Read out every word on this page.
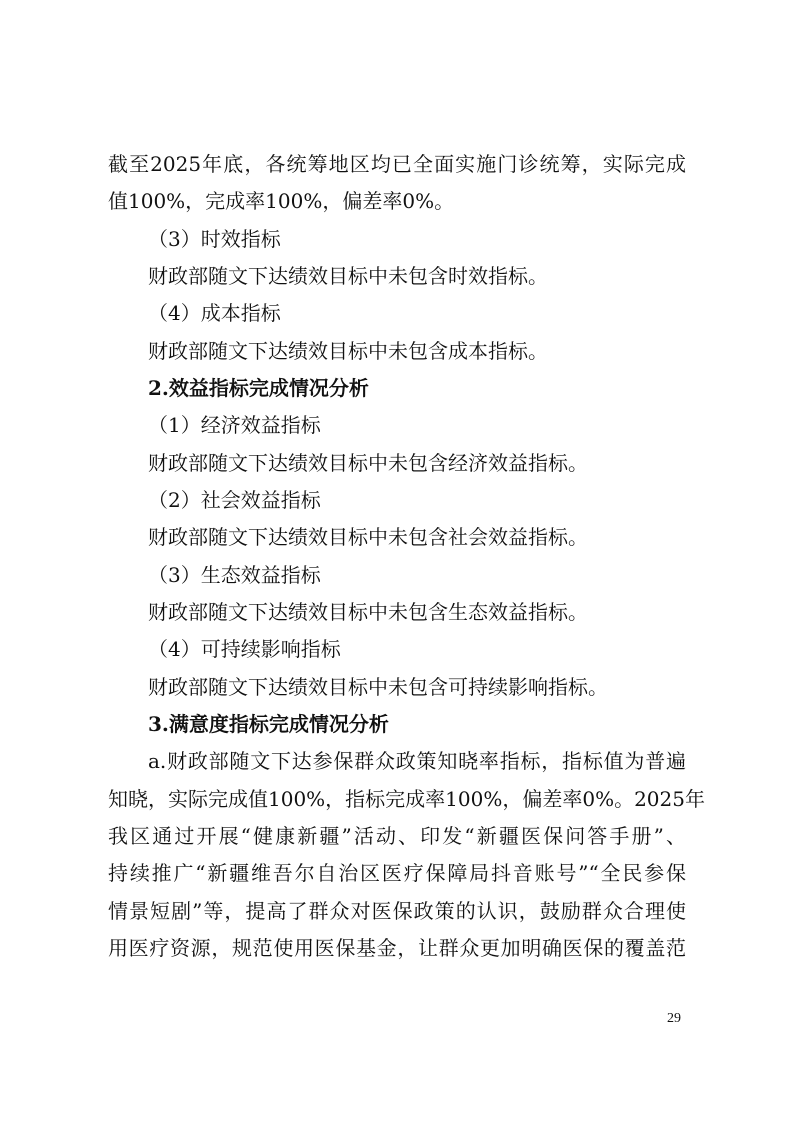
截至2025年底，各统筹地区均已全面实施门诊统筹，实际完成
值100%，完成率100%，偏差率0%。
（3）时效指标
财政部随文下达绩效目标中未包含时效指标。
（4）成本指标
财政部随文下达绩效目标中未包含成本指标。
2.效益指标完成情况分析
（1）经济效益指标
财政部随文下达绩效目标中未包含经济效益指标。
（2）社会效益指标
财政部随文下达绩效目标中未包含社会效益指标。
（3）生态效益指标
财政部随文下达绩效目标中未包含生态效益指标。
（4）可持续影响指标
财政部随文下达绩效目标中未包含可持续影响指标。
3.满意度指标完成情况分析
a.财政部随文下达参保群众政策知晓率指标，指标值为普遍
知晓，实际完成值100%，指标完成率100%，偏差率0%。2025年
我区通过开展“健康新疆”活动、印发“新疆医保问答手册”、
持续推广“新疆维吾尔自治区医疗保障局抖音账号”“全民参保
情景短剧”等，提高了群众对医保政策的认识，鼓励群众合理使
用医疗资源，规范使用医保基金，让群众更加明确医保的覆盖范
29
